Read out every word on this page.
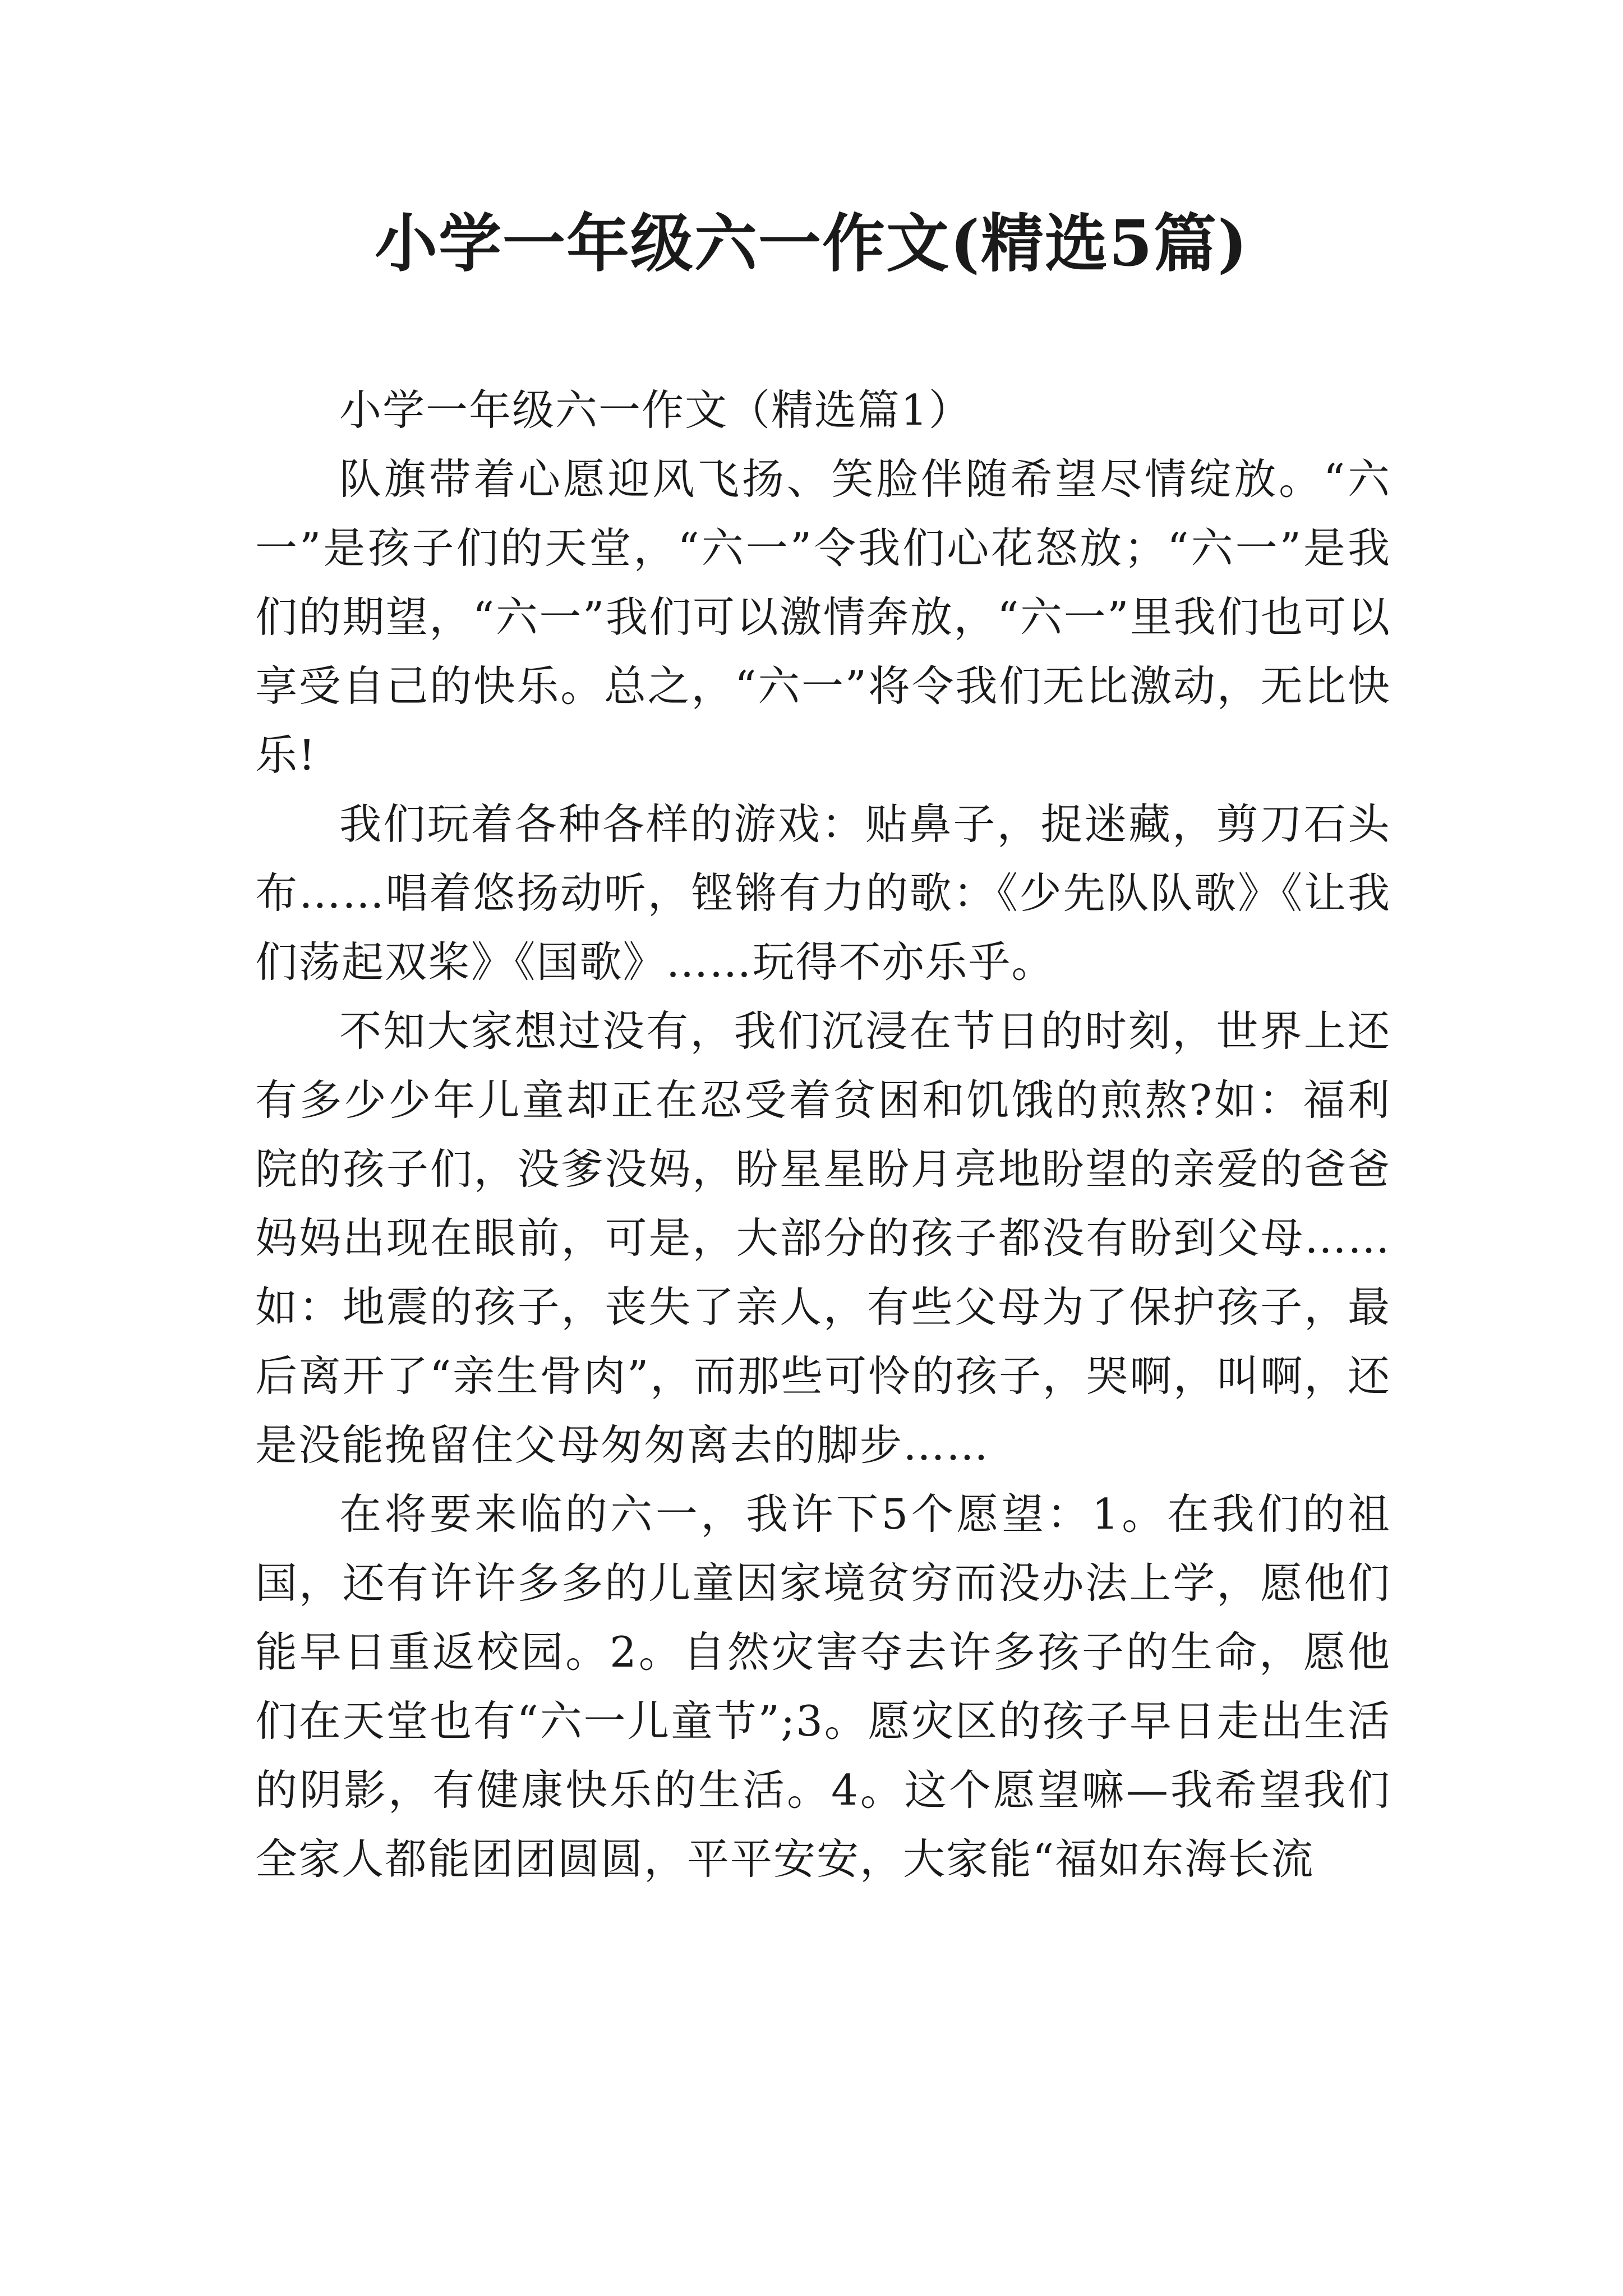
小学一年级六一作文(精选5篇)

小学一年级六一作文（精选篇1）

队旗带着心愿迎风飞扬、笑脸伴随希望尽情绽放。“六一”是孩子们的天堂，“六一”令我们心花怒放；“六一”是我们的期望，“六一”我们可以激情奔放，“六一”里我们也可以享受自己的快乐。总之，“六一”将令我们无比激动，无比快乐!

我们玩着各种各样的游戏：贴鼻子，捉迷藏，剪刀石头布……唱着悠扬动听，铿锵有力的歌：《少先队队歌》《让我们荡起双桨》《国歌》……玩得不亦乐乎。

不知大家想过没有，我们沉浸在节日的时刻，世界上还有多少少年儿童却正在忍受着贫困和饥饿的煎熬?如：福利院的孩子们，没爹没妈，盼星星盼月亮地盼望的亲爱的爸爸妈妈出现在眼前，可是，大部分的孩子都没有盼到父母……如：地震的孩子，丧失了亲人，有些父母为了保护孩子，最后离开了“亲生骨肉”，而那些可怜的孩子，哭啊，叫啊，还是没能挽留住父母匆匆离去的脚步……

在将要来临的六一，我许下5个愿望：1。在我们的祖国，还有许许多多的儿童因家境贫穷而没办法上学，愿他们能早日重返校园。2。自然灾害夺去许多孩子的生命，愿他们在天堂也有“六一儿童节”;3。愿灾区的孩子早日走出生活的阴影，有健康快乐的生活。4。这个愿望嘛—我希望我们全家人都能团团圆圆，平平安安，大家能“福如东海长流
